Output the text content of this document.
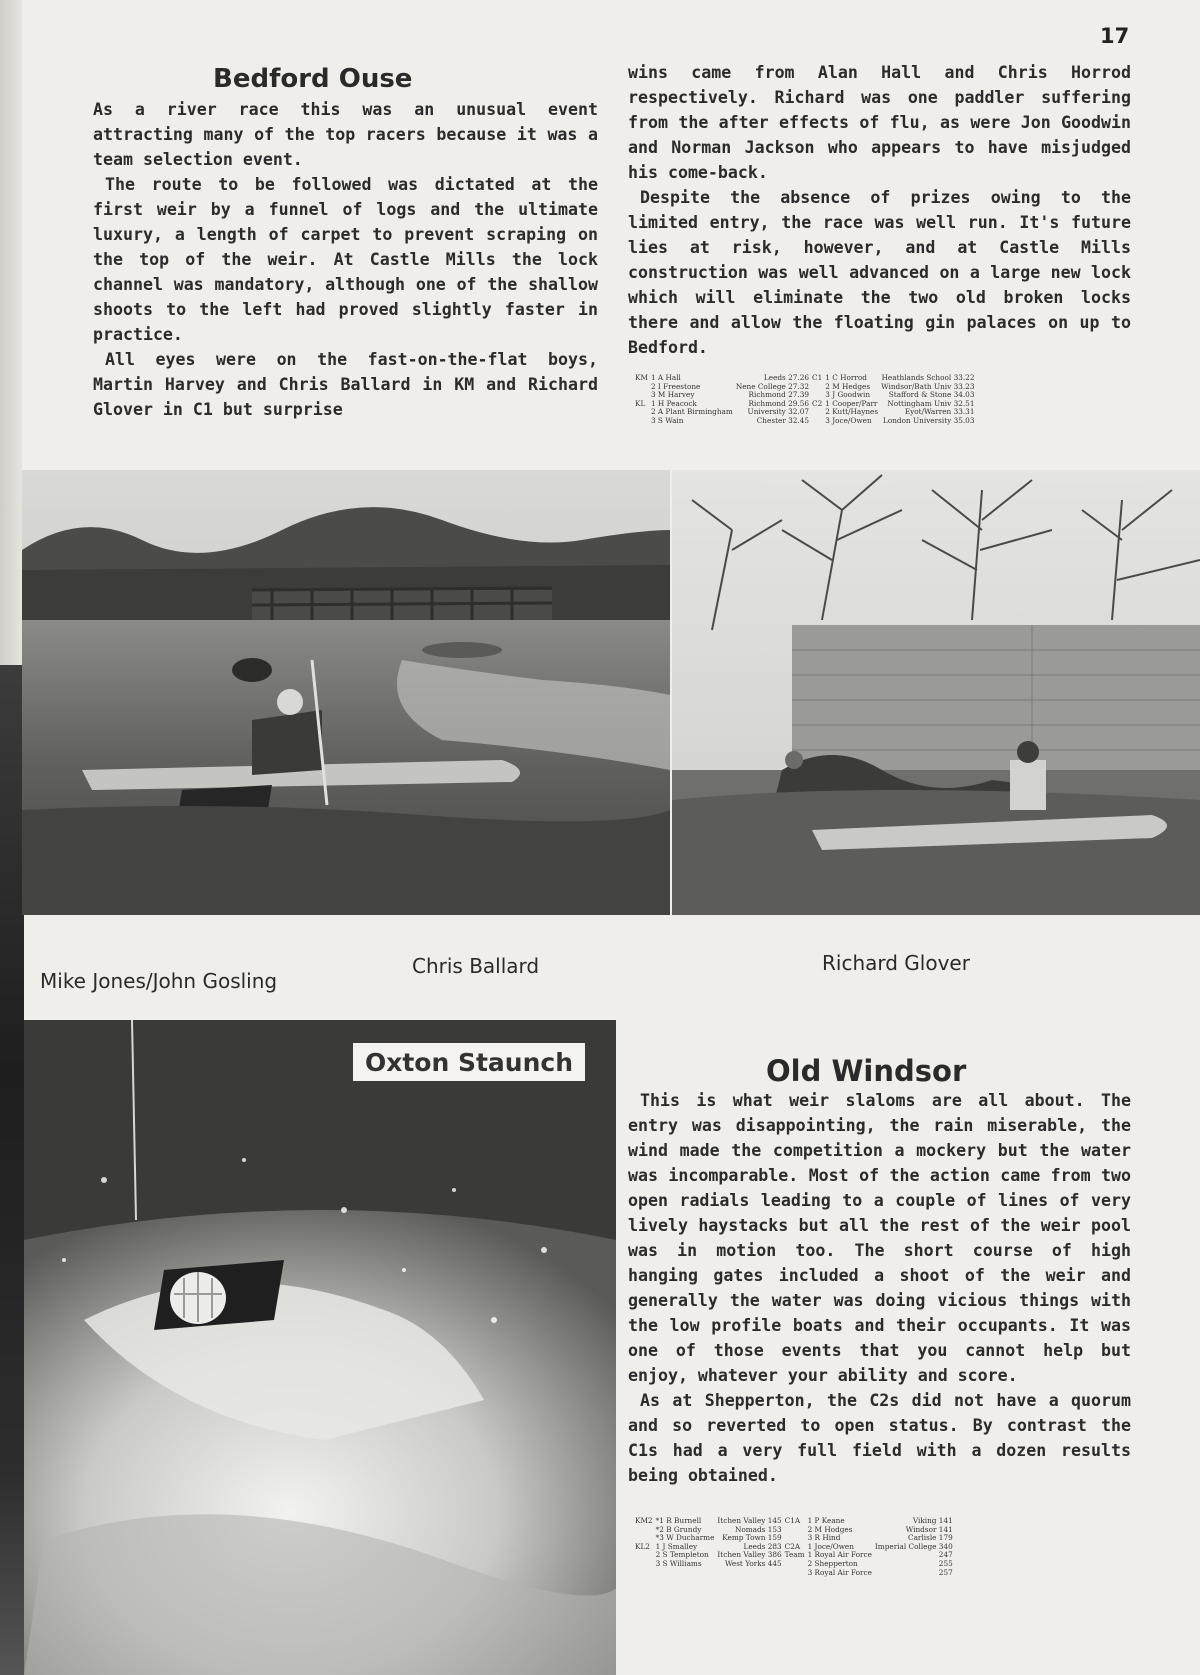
17
Bedford Ouse

As a river race this was an unusual event attracting many of the top racers because it was a team selection event.

The route to be followed was dictated at the first weir by a funnel of logs and the ultimate luxury, a length of carpet to prevent scraping on the top of the weir. At Castle Mills the lock channel was mandatory, although one of the shallow shoots to the left had proved slightly faster in practice.

All eyes were on the fast-on-the-flat boys, Martin Harvey and Chris Ballard in KM and Richard Glover in C1 but surprise

wins came from Alan Hall and Chris Horrod respectively. Richard was one paddler suffering from the after effects of flu, as were Jon Goodwin and Norman Jackson who appears to have misjudged his come-back.

Despite the absence of prizes owing to the limited entry, the race was well run. It's future lies at risk, however, and at Castle Mills construction was well advanced on a large new lock which will eliminate the two old broken locks there and allow the floating gin palaces on up to Bedford.

KM	1 A Hall	Leeds 27.26	C1	1 C Horrod	Heathlands School 33.22
	2 I Freestone	Nene College 27.32		2 M Hedges	Windsor/Bath Univ 33.23
	3 M Harvey	Richmond 27.39		3 J Goodwin	Stafford & Stone 34.03
KL	1 H Peacock	Richmond 29.56	C2	1 Cooper/Parr	Nottingham Univ 32.51
	2 A Plant Birmingham	University 32.07		2 Kutt/Haynes	Eyot/Warren 33.31
	3 S Wain	Chester 32.45		3 Joce/Owen	London University 35.03
Chris Ballard	Richard Glover
Mike Jones/John Gosling
Oxton Staunch	Old Windsor

This is what weir slaloms are all about. The entry was disappointing, the rain miserable, the wind made the competition a mockery but the water was incomparable. Most of the action came from two open radials leading to a couple of lines of very lively haystacks but all the rest of the weir pool was in motion too. The short course of high hanging gates included a shoot of the weir and generally the water was doing vicious things with the low profile boats and their occupants. It was one of those events that you cannot help but enjoy, whatever your ability and score.

As at Shepperton, the C2s did not have a quorum and so reverted to open status. By contrast the C1s had a very full field with a dozen results being obtained.

KM2	*1 R Burnell	Itchen Valley 145	C1A	1 P Keane	Viking 141
	*2 B Grundy	Nomads 153		2 M Hodges	Windsor 141
	*3 W Ducharme	Kemp Town 159		3 R Hind	Carlisle 179
KL2	1 J Smalley	Leeds 283	C2A	1 Joce/Owen	Imperial College 340
	2 S Templeton	Itchen Valley 386	Team	1 Royal Air Force	247
	3 S Williams	West Yorks 445		2 Shepperton	255
				3 Royal Air Force	257
